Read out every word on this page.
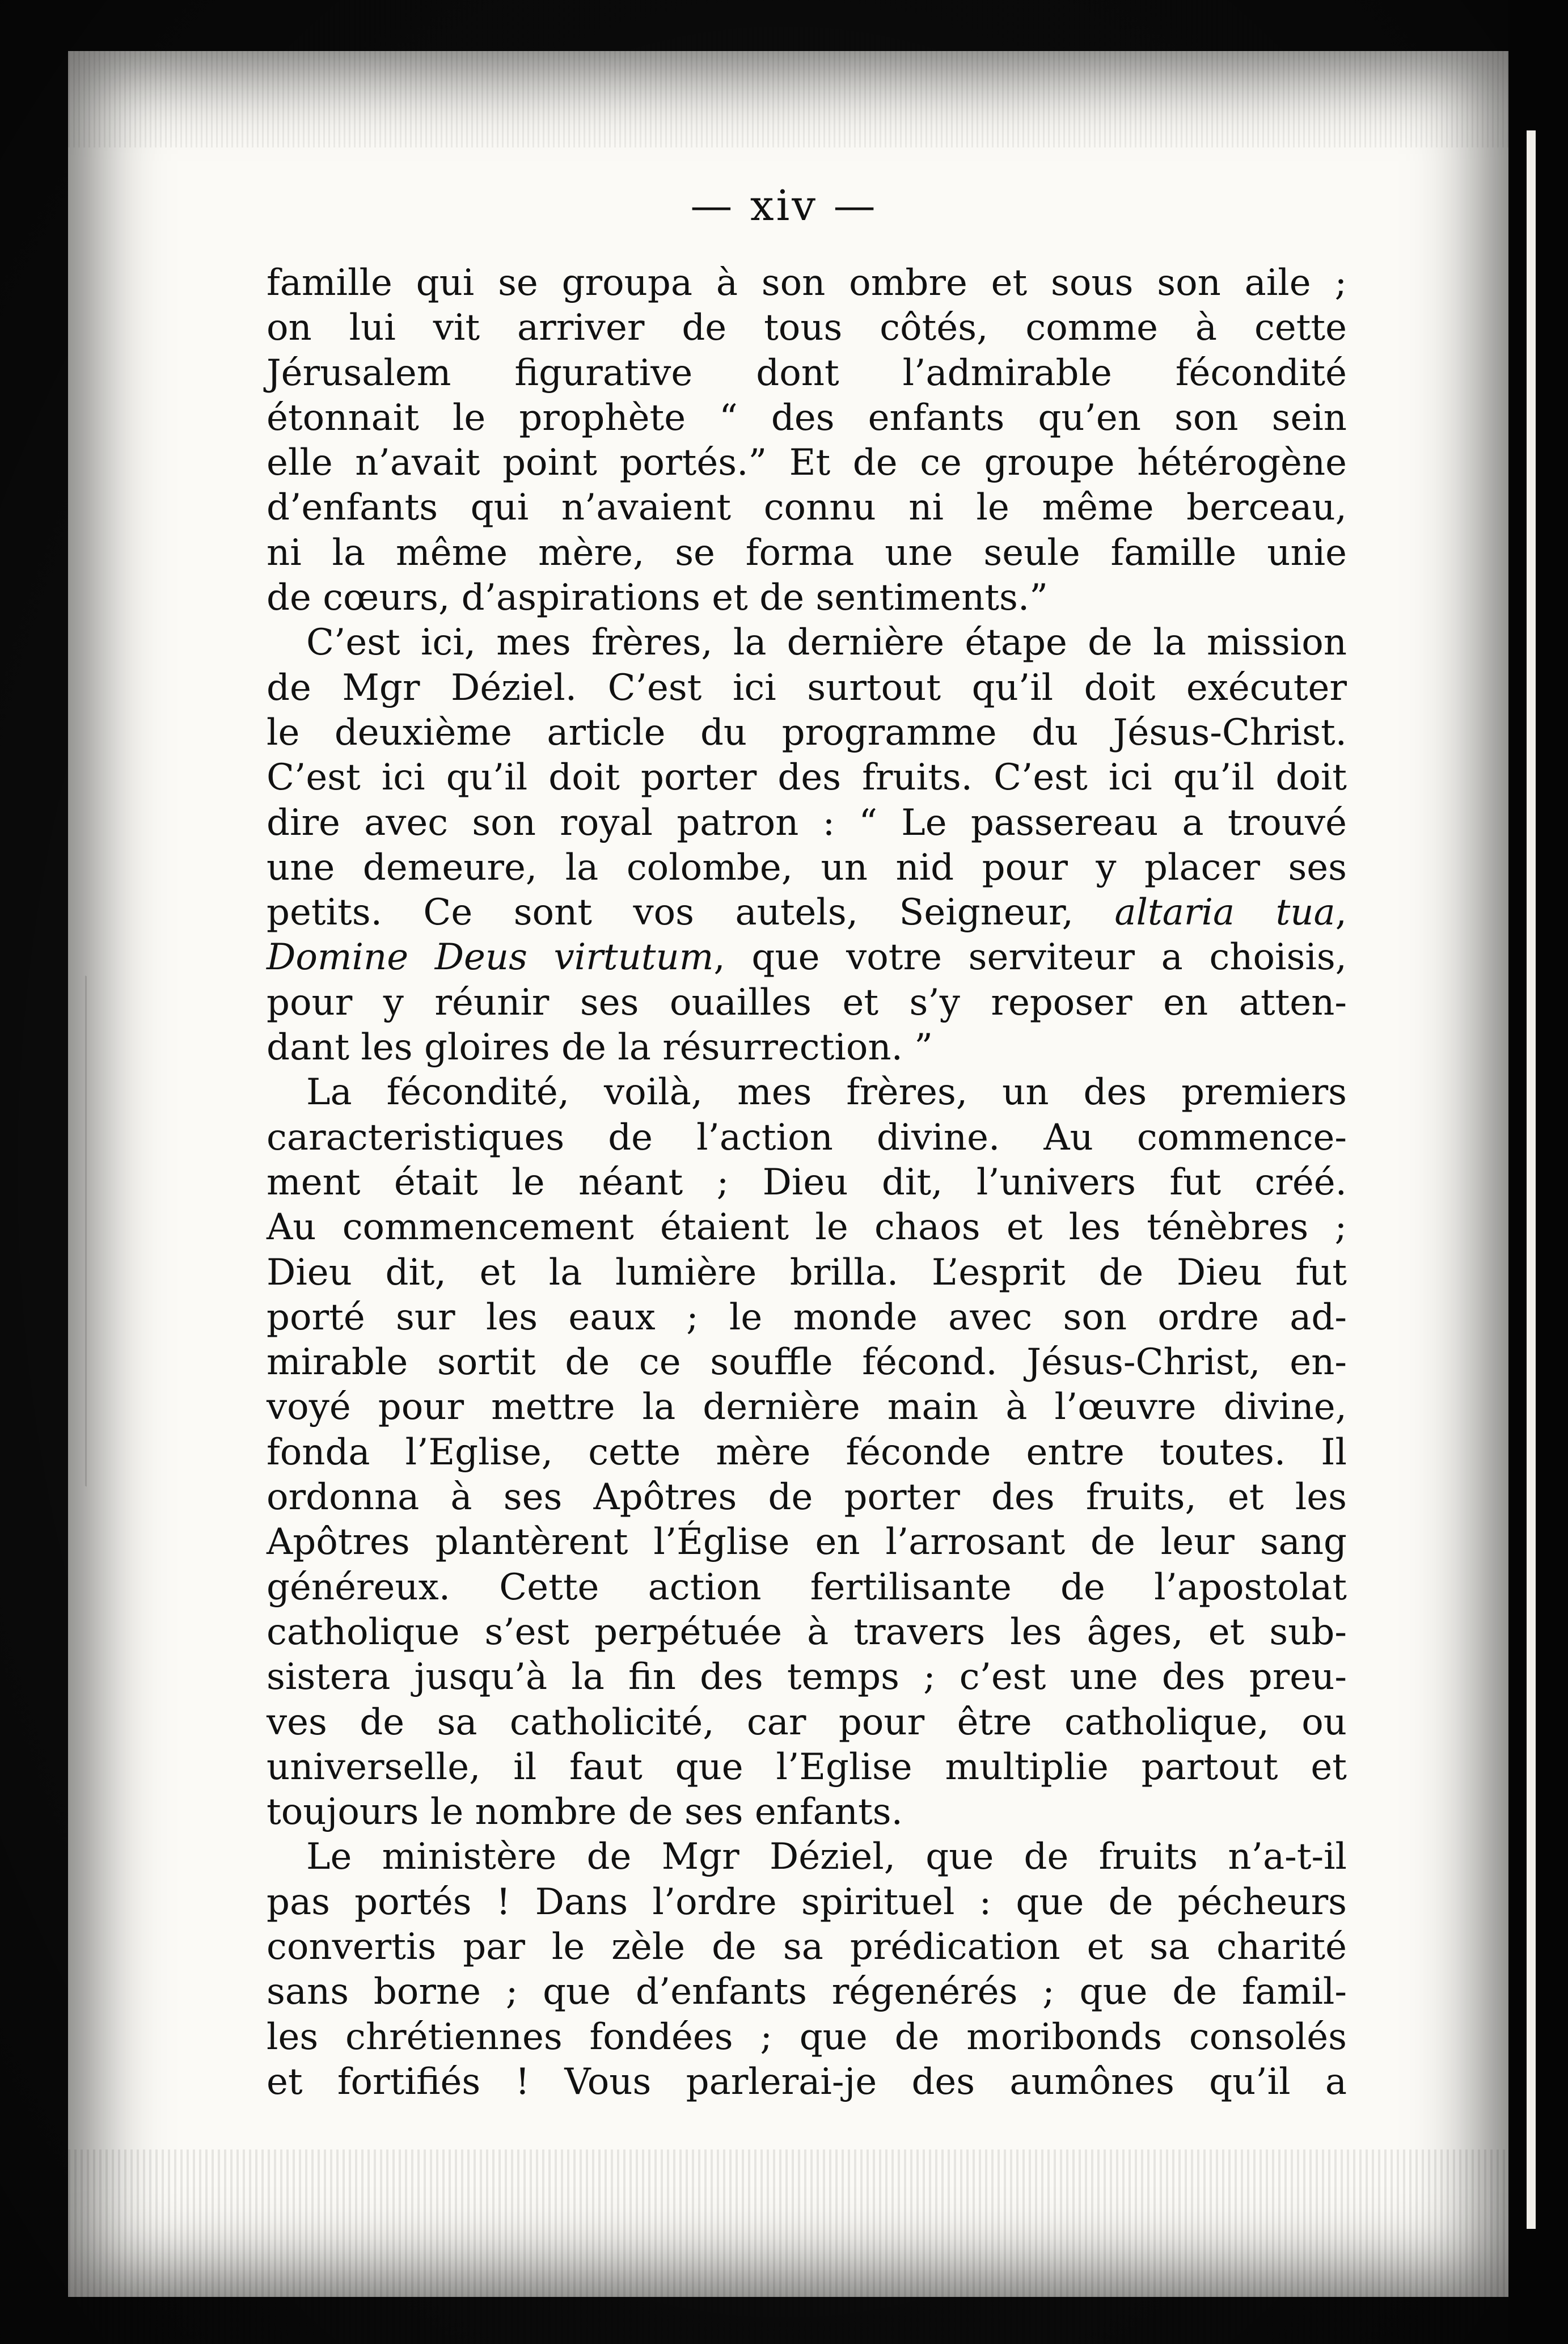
— xiv —
famille qui se groupa à son ombre et sous son aile ;
on lui vit arriver de tous côtés, comme à cette
Jérusalem figurative dont l’admirable fécondité
étonnait le prophète “ des enfants qu’en son sein
elle n’avait point portés.” Et de ce groupe hétérogène
d’enfants qui n’avaient connu ni le même berceau,
ni la même mère, se forma une seule famille unie
de cœurs, d’aspirations et de sentiments.”
C’est ici, mes frères, la dernière étape de la mission
de Mgr Déziel. C’est ici surtout qu’il doit exécuter
le deuxième article du programme du Jésus-Christ.
C’est ici qu’il doit porter des fruits. C’est ici qu’il doit
dire avec son royal patron : “ Le passereau a trouvé
une demeure, la colombe, un nid pour y placer ses
petits. Ce sont vos autels, Seigneur, altaria tua,
Domine Deus virtutum, que votre serviteur a choisis,
pour y réunir ses ouailles et s’y reposer en atten-
dant les gloires de la résurrection. ”
La fécondité, voilà, mes frères, un des premiers
caracteristiques de l’action divine. Au commence-
ment était le néant ; Dieu dit, l’univers fut créé.
Au commencement étaient le chaos et les ténèbres ;
Dieu dit, et la lumière brilla. L’esprit de Dieu fut
porté sur les eaux ; le monde avec son ordre ad-
mirable sortit de ce souffle fécond. Jésus-Christ, en-
voyé pour mettre la dernière main à l’œuvre divine,
fonda l’Eglise, cette mère féconde entre toutes. Il
ordonna à ses Apôtres de porter des fruits, et les
Apôtres plantèrent l’Église en l’arrosant de leur sang
généreux. Cette action fertilisante de l’apostolat
catholique s’est perpétuée à travers les âges, et sub-
sistera jusqu’à la fin des temps ; c’est une des preu-
ves de sa catholicité, car pour être catholique, ou
universelle, il faut que l’Eglise multiplie partout et
toujours le nombre de ses enfants.
Le ministère de Mgr Déziel, que de fruits n’a-t-il
pas portés ! Dans l’ordre spirituel : que de pécheurs
convertis par le zèle de sa prédication et sa charité
sans borne ; que d’enfants régenérés ; que de famil-
les chrétiennes fondées ; que de moribonds consolés
et fortifiés ! Vous parlerai-je des aumônes qu’il a
